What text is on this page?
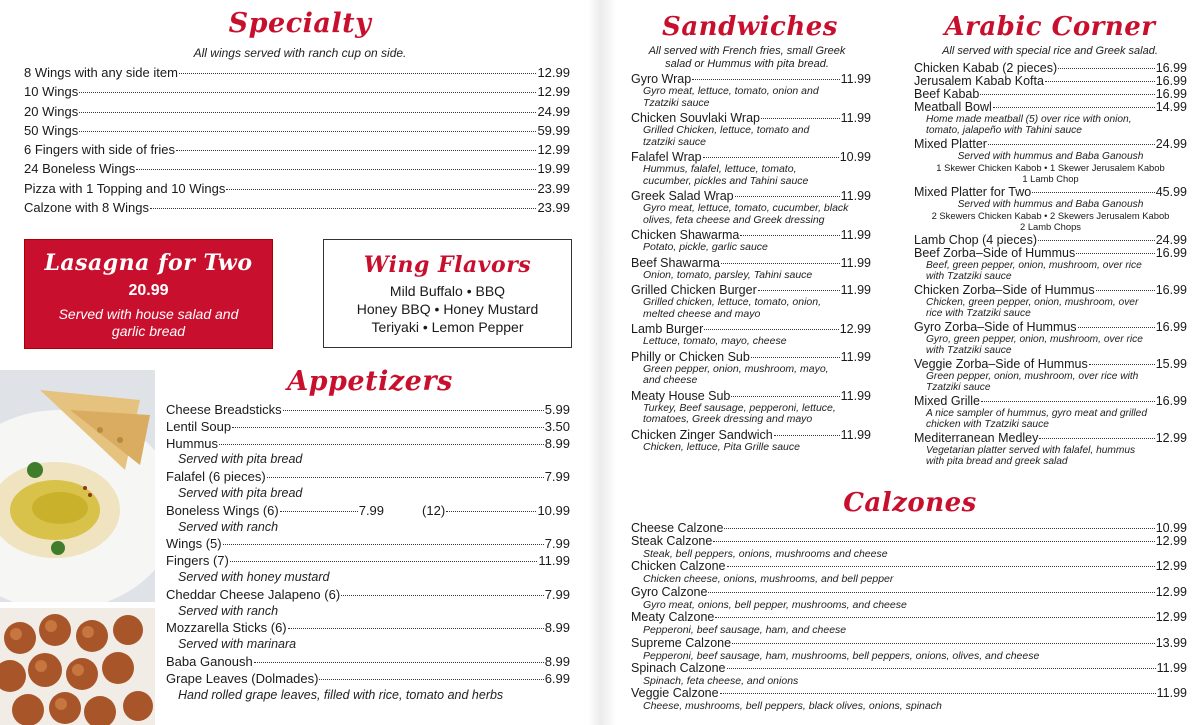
Specialty
All wings served with ranch cup on side.
8 Wings with any side item	12.99
10 Wings	12.99
20 Wings	24.99
50 Wings	59.99
6 Fingers with side of fries	12.99
24 Boneless Wings	19.99
Pizza with 1 Topping and 10 Wings	23.99
Calzone with 8 Wings	23.99
Lasagna for Two
20.99
Served with house salad and
garlic bread
Wing Flavors
Mild Buffalo • BBQ
Honey BBQ • Honey Mustard
Teriyaki • Lemon Pepper
Appetizers
Cheese Breadsticks	5.99
Lentil Soup	3.50
Hummus	8.99
Served with pita bread
Falafel (6 pieces)	7.99
Served with pita bread
Boneless Wings (6)	7.99	(12)	10.99
Served with ranch
Wings (5)	7.99
Fingers (7)	11.99
Served with honey mustard
Cheddar Cheese Jalapeno (6)	7.99
Served with ranch
Mozzarella Sticks (6)	8.99
Served with marinara
Baba Ganoush	8.99
Grape Leaves (Dolmades)	6.99
Hand rolled grape leaves, filled with rice, tomato and herbs
Sandwiches
All served with French fries, small Greek
salad or Hummus with pita bread.
Gyro Wrap	11.99
Gyro meat, lettuce, tomato, onion and
Tzatziki sauce
Chicken Souvlaki Wrap	11.99
Grilled Chicken, lettuce, tomato and
tzatziki sauce
Falafel Wrap	10.99
Hummus, falafel, lettuce, tomato,
cucumber, pickles and Tahini sauce
Greek Salad Wrap	11.99
Gyro meat, lettuce, tomato, cucumber, black
olives, feta cheese and Greek dressing
Chicken Shawarma	11.99
Potato, pickle, garlic sauce
Beef Shawarma	11.99
Onion, tomato, parsley, Tahini sauce
Grilled Chicken Burger	11.99
Grilled chicken, lettuce, tomato, onion,
melted cheese and mayo
Lamb Burger	12.99
Lettuce, tomato, mayo, cheese
Philly or Chicken Sub	11.99
Green pepper, onion, mushroom, mayo,
and cheese
Meaty House Sub	11.99
Turkey, Beef sausage, pepperoni, lettuce,
tomatoes, Greek dressing and mayo
Chicken Zinger Sandwich	11.99
Chicken, lettuce, Pita Grille sauce
Arabic Corner
All served with special rice and Greek salad.
Chicken Kabab (2 pieces)	16.99
Jerusalem Kabab Kofta	16.99
Beef Kabab	16.99
Meatball Bowl	14.99
Home made meatball (5) over rice with onion,
tomato, jalapeño with Tahini sauce
Mixed Platter	24.99
Served with hummus and Baba Ganoush
1 Skewer Chicken Kabob • 1 Skewer Jerusalem Kabob
1 Lamb Chop
Mixed Platter for Two	45.99
Served with hummus and Baba Ganoush
2 Skewers Chicken Kabab • 2 Skewers Jerusalem Kabob
2 Lamb Chops
Lamb Chop (4 pieces)	24.99
Beef Zorba–Side of Hummus	16.99
Beef, green pepper, onion, mushroom, over rice
with Tzatziki sauce
Chicken Zorba–Side of Hummus	16.99
Chicken, green pepper, onion, mushroom, over
rice with Tzatziki sauce
Gyro Zorba–Side of Hummus	16.99
Gyro, green pepper, onion, mushroom, over rice
with Tzatziki sauce
Veggie Zorba–Side of Hummus	15.99
Green pepper, onion, mushroom, over rice with
Tzatziki sauce
Mixed Grille	16.99
A nice sampler of hummus, gyro meat and grilled
chicken with Tzatziki sauce
Mediterranean Medley	12.99
Vegetarian platter served with falafel, hummus
with pita bread and greek salad
Calzones
Cheese Calzone	10.99
Steak Calzone	12.99
Steak, bell peppers, onions, mushrooms and cheese
Chicken Calzone	12.99
Chicken cheese, onions, mushrooms, and bell pepper
Gyro Calzone	12.99
Gyro meat, onions, bell pepper, mushrooms, and cheese
Meaty Calzone	12.99
Pepperoni, beef sausage, ham, and cheese
Supreme Calzone	13.99
Pepperoni, beef sausage, ham, mushrooms, bell peppers, onions, olives, and cheese
Spinach Calzone	11.99
Spinach, feta cheese, and onions
Veggie Calzone	11.99
Cheese, mushrooms, bell peppers, black olives, onions, spinach
